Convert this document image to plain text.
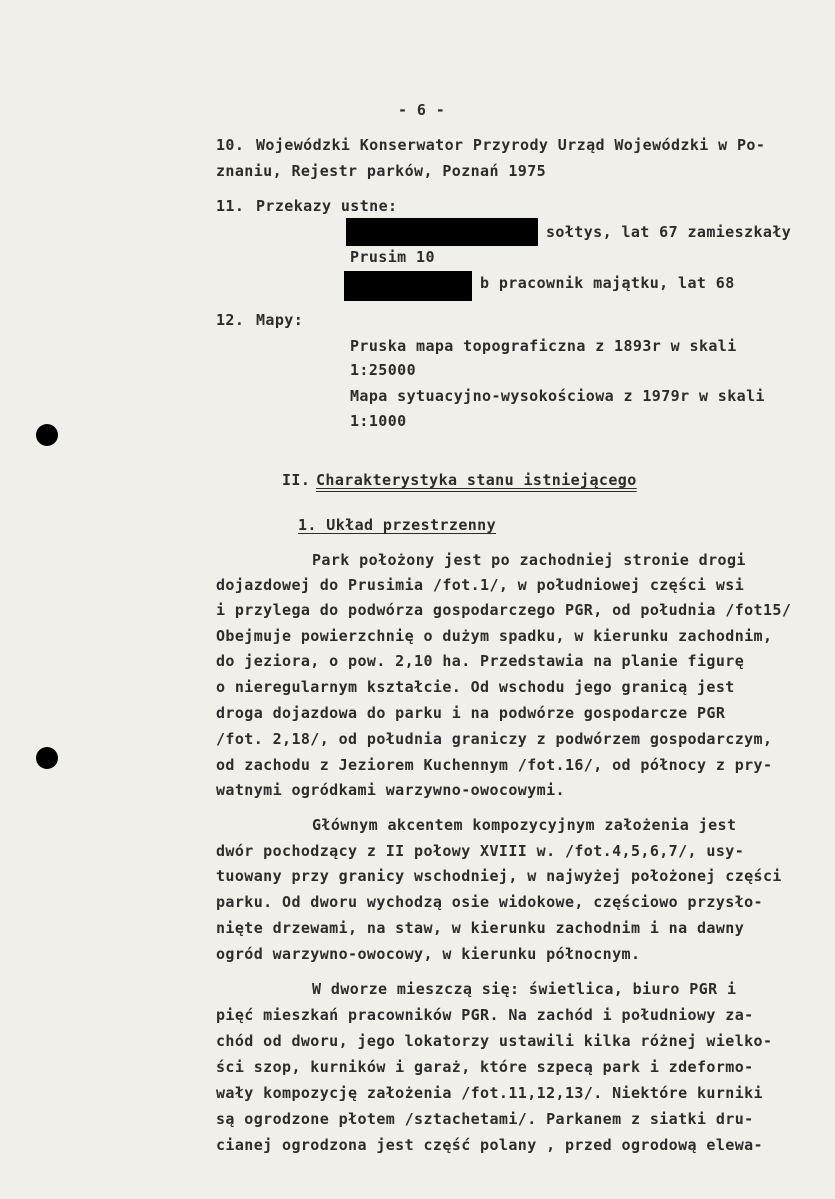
- 6 -
10. Wojewódzki Konserwator Przyrody Urząd Wojewódzki w Po-
znaniu, Rejestr parków, Poznań 1975
11. Przekazy ustne:
sołtys, lat 67 zamieszkały
Prusim 10
b pracownik majątku, lat 68
12. Mapy:
Pruska mapa topograficzna z 1893r w skali
1:25000
Mapa sytuacyjno-wysokościowa z 1979r w skali
1:1000
II. Charakterystyka stanu istniejącego
1. Układ przestrzenny
Park położony jest po zachodniej stronie drogi
dojazdowej do Prusimia /fot.1/, w południowej części wsi
i przylega do podwórza gospodarczego PGR, od południa /fot15/
Obejmuje powierzchnię o dużym spadku, w kierunku zachodnim,
do jeziora, o pow. 2,10 ha. Przedstawia na planie figurę
o nieregularnym kształcie. Od wschodu jego granicą jest
droga dojazdowa do parku i na podwórze gospodarcze PGR
/fot. 2,18/, od południa graniczy z podwórzem gospodarczym,
od zachodu z Jeziorem Kuchennym /fot.16/, od północy z pry-
watnymi ogródkami warzywno-owocowymi.
Głównym akcentem kompozycyjnym założenia jest
dwór pochodzący z II połowy XVIII w. /fot.4,5,6,7/, usy-
tuowany przy granicy wschodniej, w najwyżej położonej części
parku. Od dworu wychodzą osie widokowe, częściowo przysło-
nięte drzewami, na staw, w kierunku zachodnim i na dawny
ogród warzywno-owocowy, w kierunku północnym.
W dworze mieszczą się: świetlica, biuro PGR i
pięć mieszkań pracowników PGR. Na zachód i południowy za-
chód od dworu, jego lokatorzy ustawili kilka różnej wielko-
ści szop, kurników i garaż, które szpecą park i zdeformo-
wały kompozycję założenia /fot.11,12,13/. Niektóre kurniki
są ogrodzone płotem /sztachetami/. Parkanem z siatki dru-
cianej ogrodzona jest część polany , przed ogrodową elewa-
